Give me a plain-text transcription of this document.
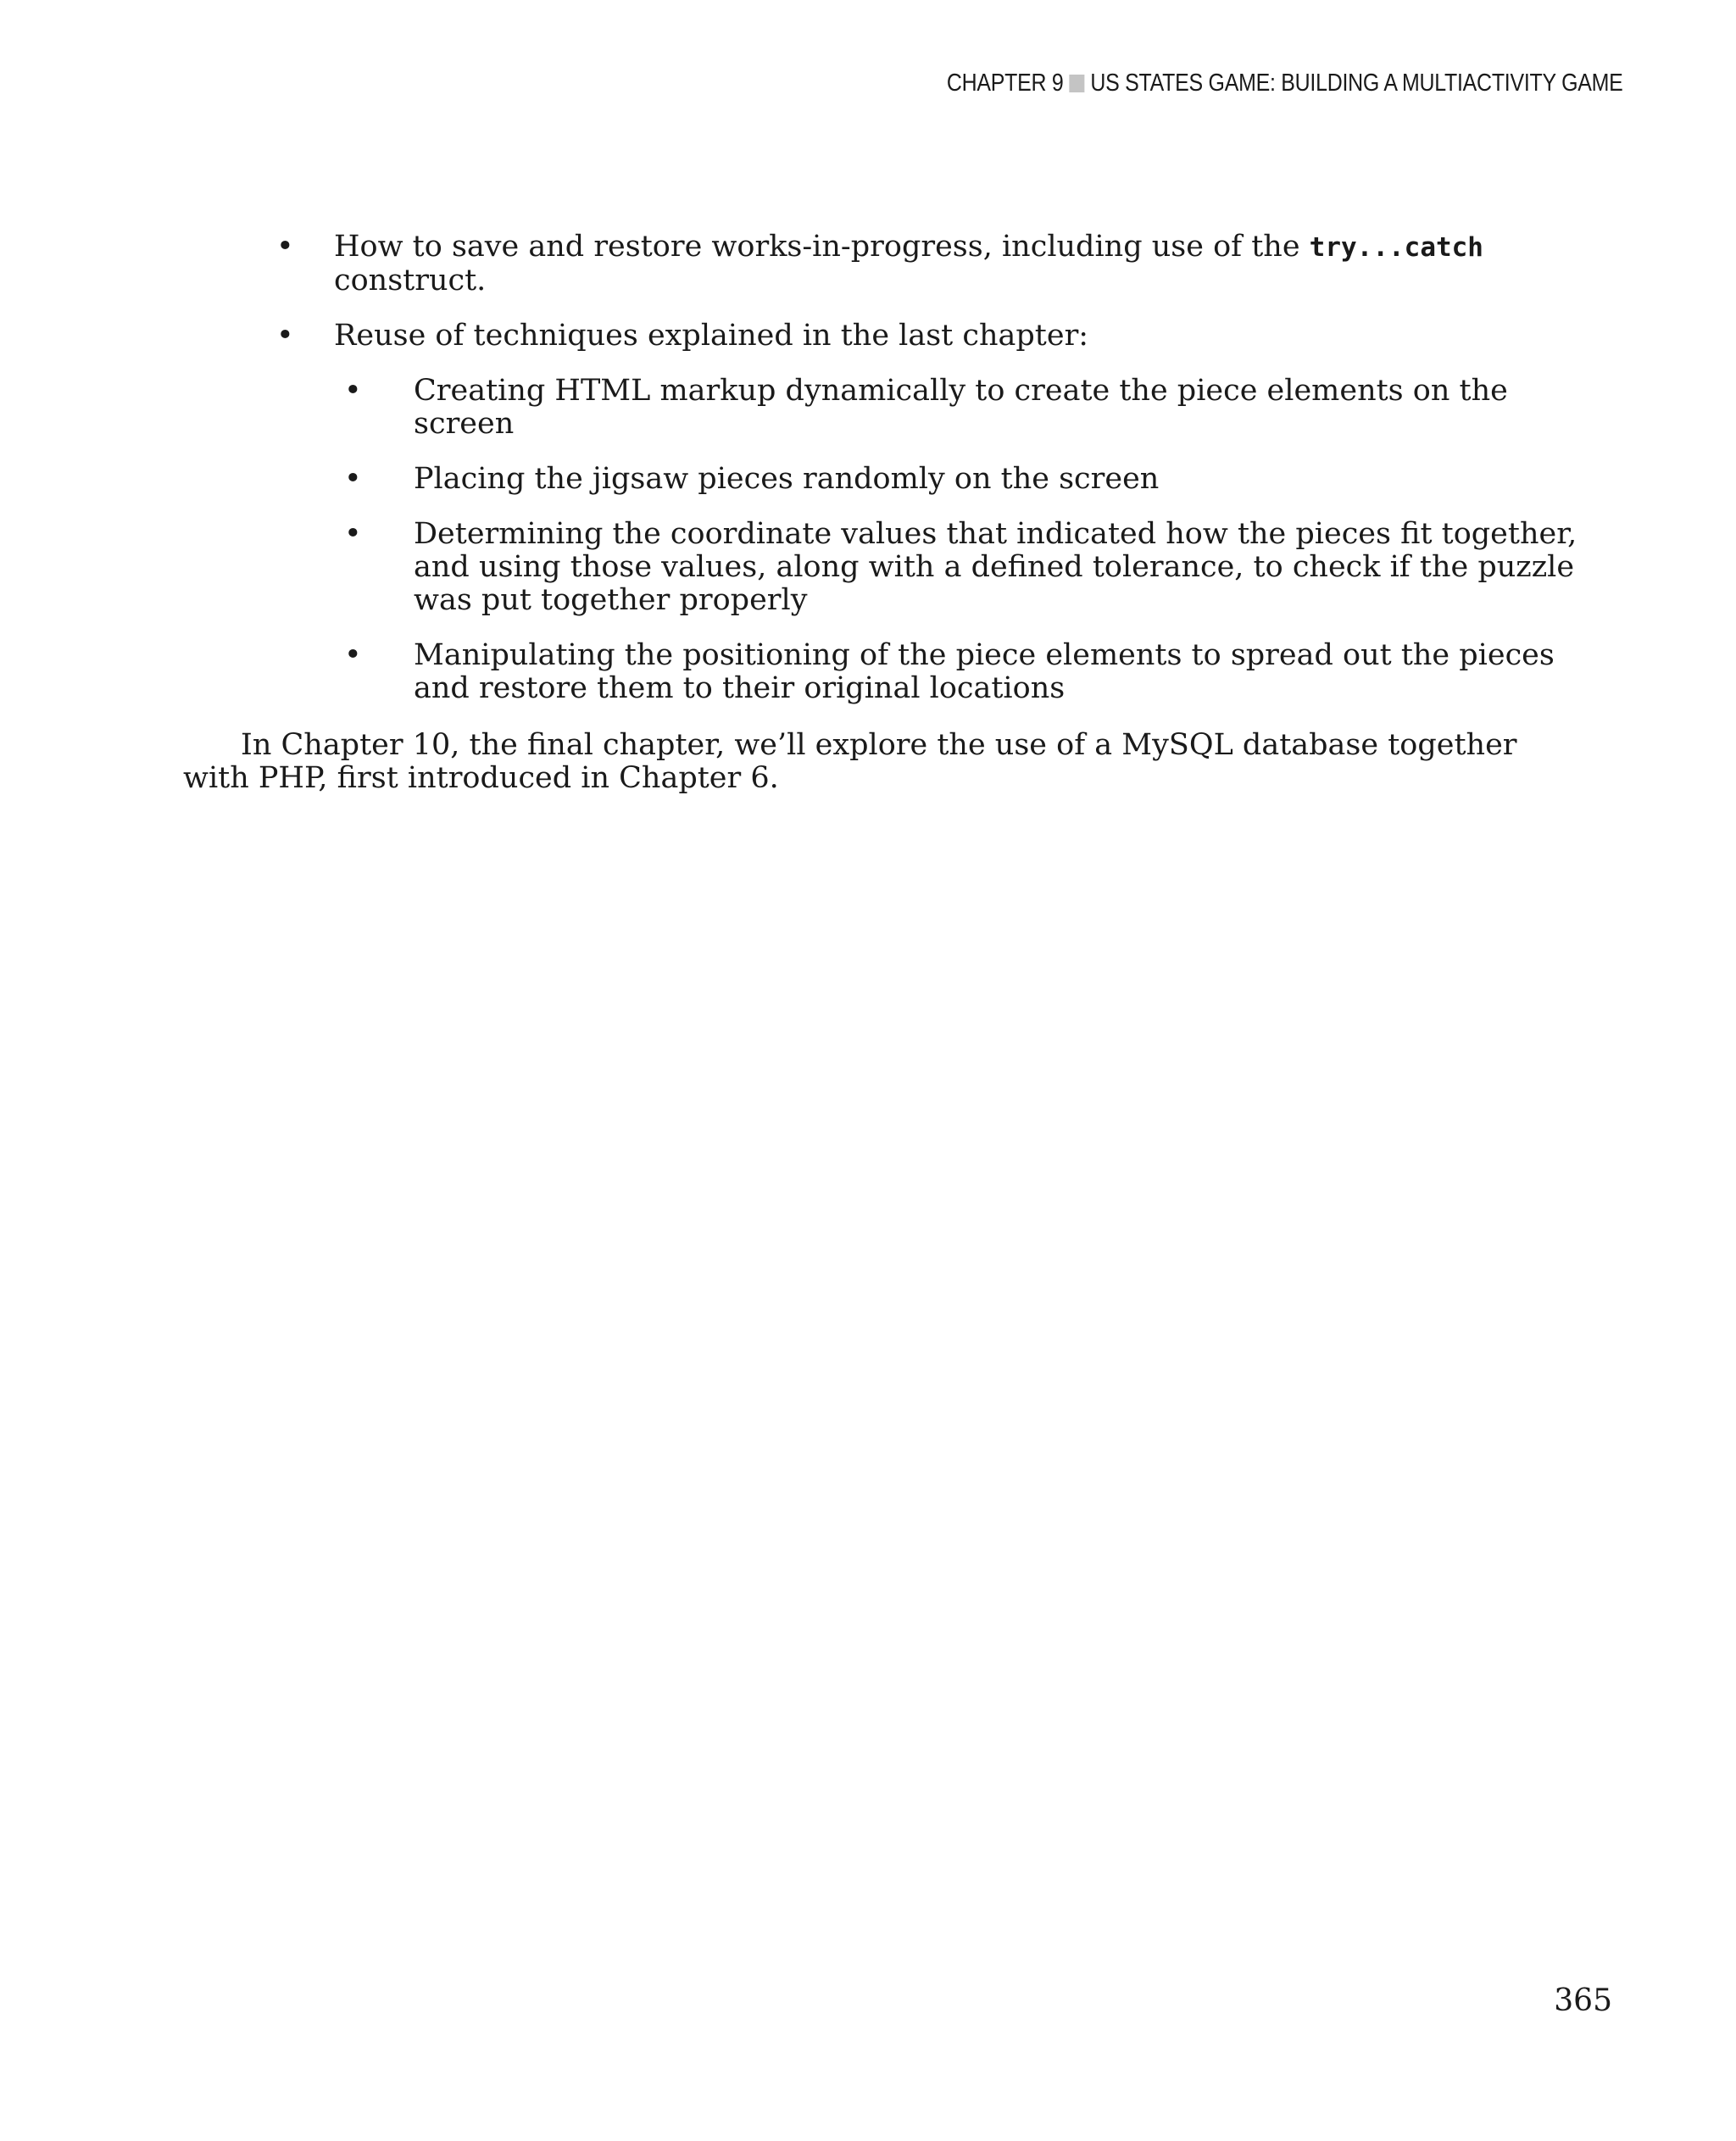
CHAPTER 9 US STATES GAME: BUILDING A MULTIACTIVITY GAME
• How to save and restore works-in-progress, including use of the try...catch construct.
• Reuse of techniques explained in the last chapter:
• Creating HTML markup dynamically to create the piece elements on the screen
• Placing the jigsaw pieces randomly on the screen
• Determining the coordinate values that indicated how the pieces fit together, and using those values, along with a defined tolerance, to check if the puzzle was put together properly
• Manipulating the positioning of the piece elements to spread out the pieces and restore them to their original locations

In Chapter 10, the final chapter, we’ll explore the use of a MySQL database together with PHP, first introduced in Chapter 6.

365
